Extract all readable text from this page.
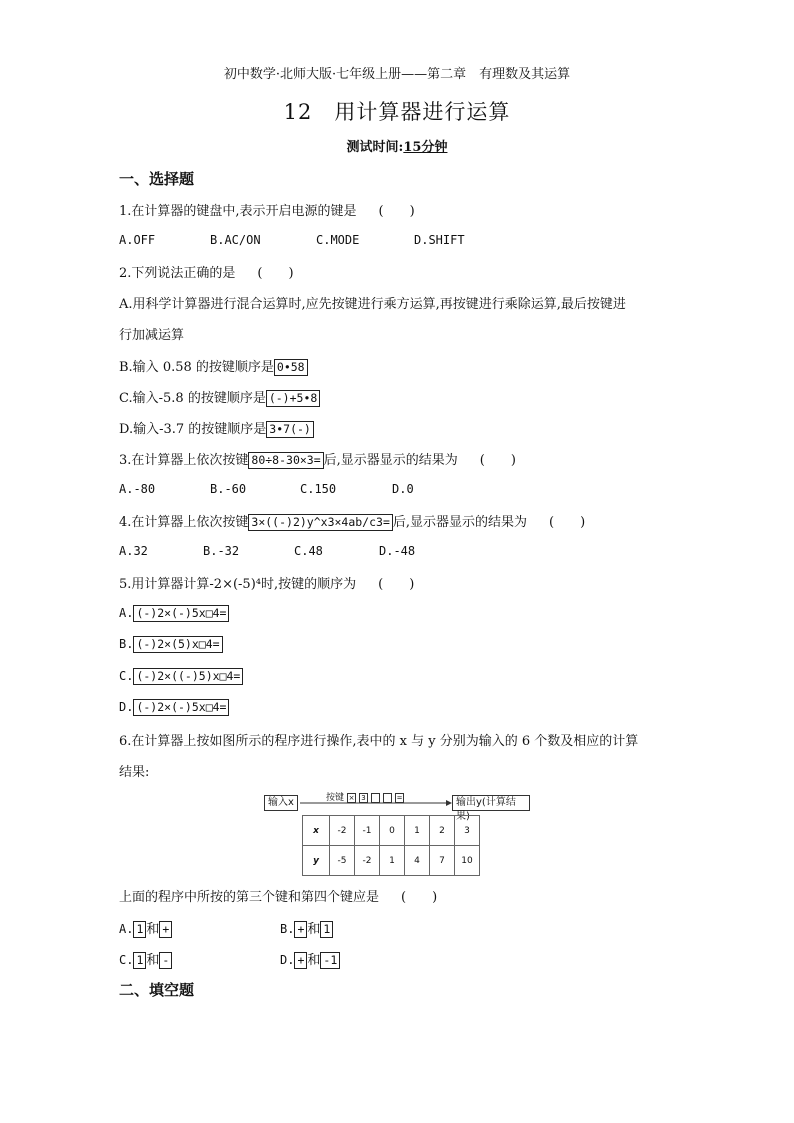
初中数学·北师大版·七年级上册——第二章　有理数及其运算
12 用计算器进行运算
测试时间:15分钟
一、选择题
1.在计算器的键盘中,表示开启电源的键是 (　　)
A.OFF	B.AC/ON	C.MODE	D.SHIFT
2.下列说法正确的是 (　　)
A.用科学计算器进行混合运算时,应先按键进行乘方运算,再按键进行乘除运算,最后按键进
行加减运算
B.输入 0.58 的按键顺序是 0•58
C.输入-5.8 的按键顺序是 (-)+5•8
D.输入-3.7 的按键顺序是 3•7(-)
3.在计算器上依次按键 80÷8-30×3= 后,显示器显示的结果为 (　　)
A.-80	B.-60	C.150	D.0
4.在计算器上依次按键 3×((-)2)y^x3×4ab/c3= 后,显示器显示的结果为 (　　)
A.32	B.-32	C.48	D.-48
5.用计算器计算-2×(-5)⁴时,按键的顺序为 (　　)
A. (-)2×(-)5x□4=
B. (-)2×(5)x□4=
C. (-)2×((-)5)x□4=
D. (-)2×(-)5x□4=
6.在计算器上按如图所示的程序进行操作,表中的 x 与 y 分别为输入的 6 个数及相应的计算
结果:
输入x	按键 × 3	=	输出y(计算结果)
x	-2	-1	0	1	2	3
y	-5	-2	1	4	7	10
上面的程序中所按的第三个键和第四个键应是 (　　)
A. 1 和 +	B. + 和 1
C. 1 和 -	D. + 和 -1
二、填空题
